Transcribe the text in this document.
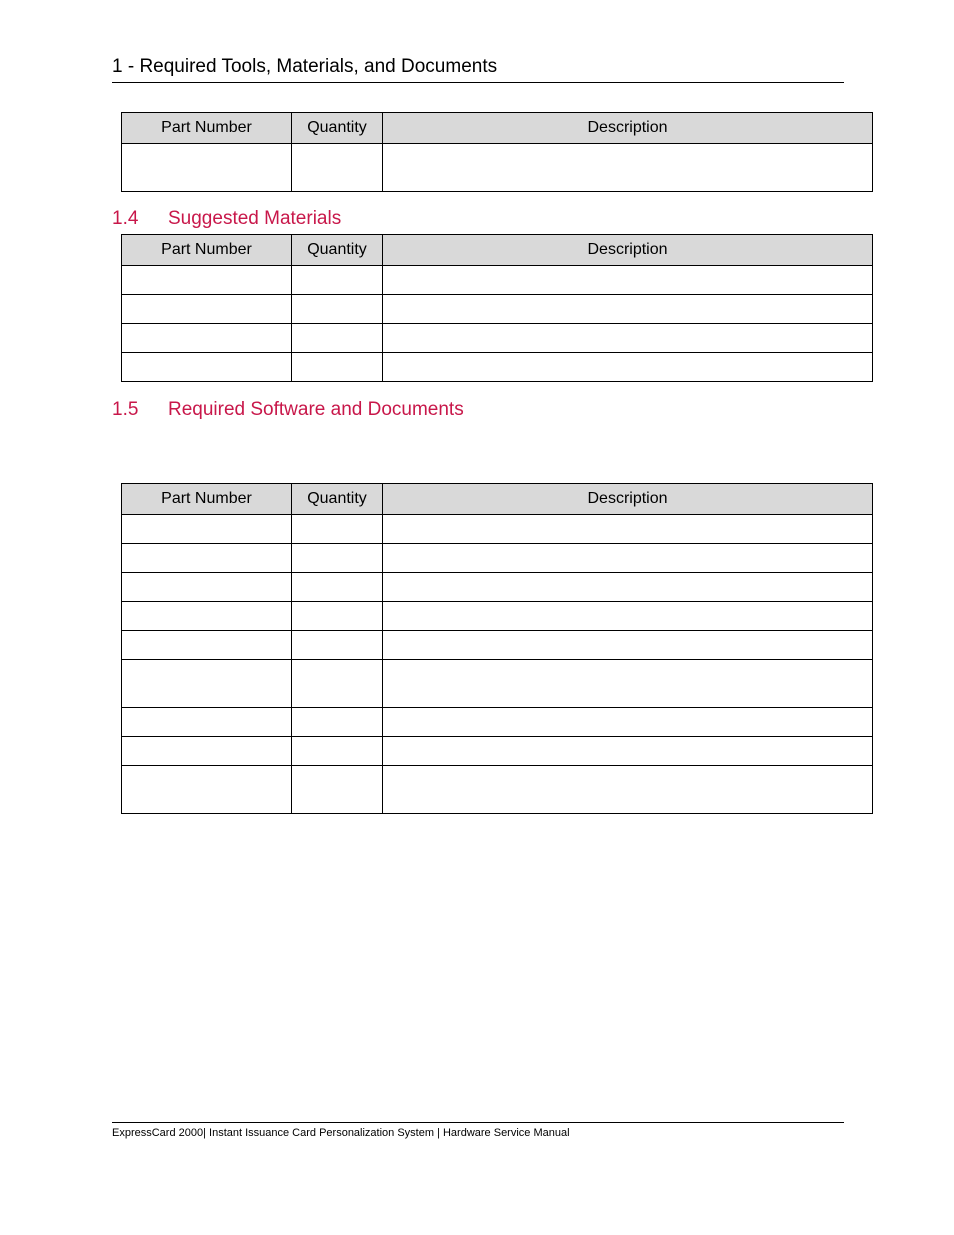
1 - Required Tools, Materials, and Documents
Part Number	Quantity	Description

1.4 Suggested Materials
Part Number	Quantity	Description

1.5 Required Software and Documents
Part Number	Quantity	Description

ExpressCard 2000| Instant Issuance Card Personalization System | Hardware Service Manual
